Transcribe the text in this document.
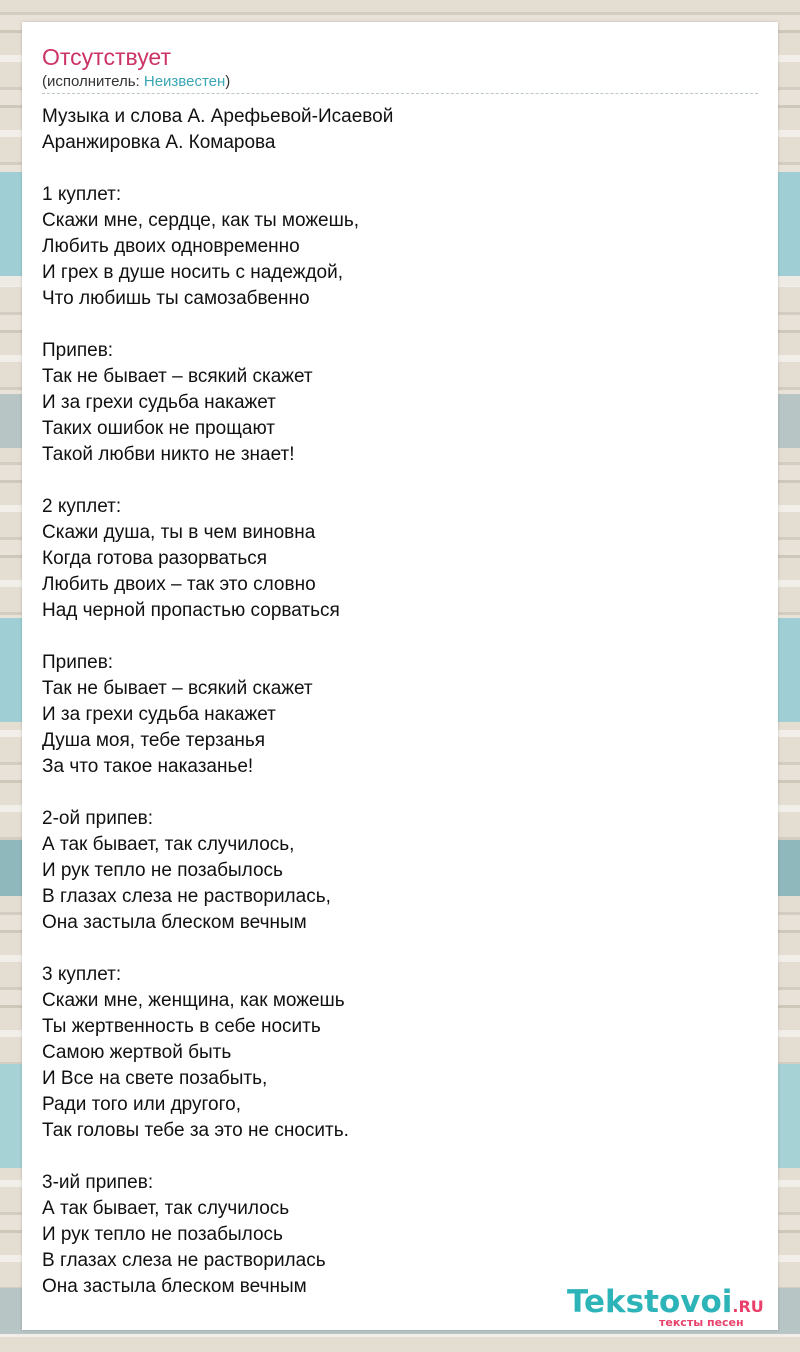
Отсутствует
(исполнитель: Неизвестен)
Музыка и слова А. Арефьевой-Исаевой
Аранжировка А. Комарова
1 куплет:
Скажи мне, сердце, как ты можешь,
Любить двоих одновременно
И грех в душе носить с надеждой,
Что любишь ты самозабвенно
Припев:
Так не бывает – всякий скажет
И за грехи судьба накажет
Таких ошибок не прощают
Такой любви никто не знает!
2 куплет:
Скажи душа, ты в чем виновна
Когда готова разорваться
Любить двоих – так это словно
Над черной пропастью сорваться
Припев:
Так не бывает – всякий скажет
И за грехи судьба накажет
Душа моя, тебе терзанья
За что такое наказанье!
2-ой припев:
А так бывает, так случилось,
И рук тепло не позабылось
В глазах слеза не растворилась,
Она застыла блеском вечным
3 куплет:
Скажи мне, женщина, как можешь
Ты жертвенность в себе носить
Самою жертвой быть
И Все на свете позабыть,
Ради того или другого,
Так головы тебе за это не сносить.
3-ий припев:
А так бывает, так случилось
И рук тепло не позабылось
В глазах слеза не растворилась
Она застыла блеском вечным	Tekstovoi.RU
тексты песен
